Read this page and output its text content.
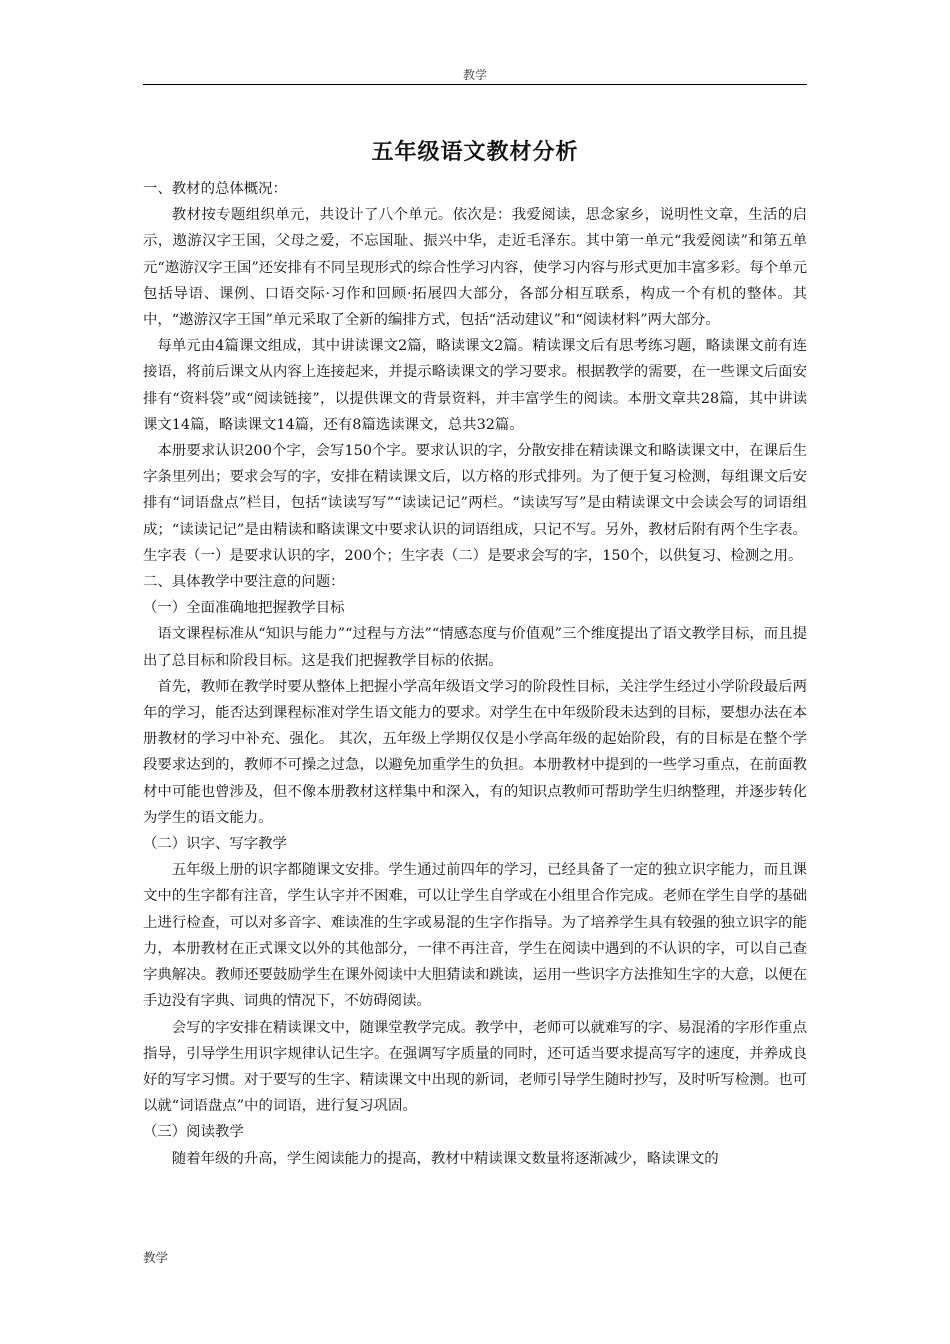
教学
五年级语文教材分析

一、教材的总体概况：

教材按专题组织单元，共设计了八个单元。依次是：我爱阅读，思念家乡，说明性文章，生活的启示，遨游汉字王国，父母之爱，不忘国耻、振兴中华，走近毛泽东。其中第一单元“我爱阅读”和第五单元“遨游汉字王国”还安排有不同呈现形式的综合性学习内容，使学习内容与形式更加丰富多彩。每个单元包括导语、课例、口语交际·习作和回顾·拓展四大部分，各部分相互联系，构成一个有机的整体。其中，“遨游汉字王国”单元采取了全新的编排方式，包括“活动建议”和“阅读材料”两大部分。

每单元由4篇课文组成，其中讲读课文2篇，略读课文2篇。精读课文后有思考练习题，略读课文前有连接语，将前后课文从内容上连接起来，并提示略读课文的学习要求。根据教学的需要，在一些课文后面安排有“资料袋”或“阅读链接”，以提供课文的背景资料，并丰富学生的阅读。本册文章共28篇，其中讲读课文14篇，略读课文14篇，还有8篇选读课文，总共32篇。

本册要求认识200个字，会写150个字。要求认识的字，分散安排在精读课文和略读课文中，在课后生字条里列出；要求会写的字，安排在精读课文后，以方格的形式排列。为了便于复习检测，每组课文后安排有“词语盘点”栏目，包括“读读写写”“读读记记”两栏。“读读写写”是由精读课文中会读会写的词语组成；“读读记记”是由精读和略读课文中要求认识的词语组成，只记不写。另外，教材后附有两个生字表。生字表（一）是要求认识的字，200个；生字表（二）是要求会写的字，150个，以供复习、检测之用。

二、具体教学中要注意的问题：

（一）全面准确地把握教学目标

语文课程标准从“知识与能力”“过程与方法”“情感态度与价值观”三个维度提出了语文教学目标，而且提出了总目标和阶段目标。这是我们把握教学目标的依据。

首先，教师在教学时要从整体上把握小学高年级语文学习的阶段性目标，关注学生经过小学阶段最后两年的学习，能否达到课程标准对学生语文能力的要求。对学生在中年级阶段未达到的目标，要想办法在本册教材的学习中补充、强化。 其次，五年级上学期仅仅是小学高年级的起始阶段，有的目标是在整个学段要求达到的，教师不可操之过急，以避免加重学生的负担。本册教材中提到的一些学习重点，在前面教材中可能也曾涉及，但不像本册教材这样集中和深入，有的知识点教师可帮助学生归纳整理，并逐步转化为学生的语文能力。

（二）识字、写字教学

五年级上册的识字都随课文安排。学生通过前四年的学习，已经具备了一定的独立识字能力，而且课文中的生字都有注音，学生认字并不困难，可以让学生自学或在小组里合作完成。老师在学生自学的基础上进行检查，可以对多音字、难读准的生字或易混的生字作指导。为了培养学生具有较强的独立识字的能力，本册教材在正式课文以外的其他部分，一律不再注音，学生在阅读中遇到的不认识的字，可以自己查字典解决。教师还要鼓励学生在课外阅读中大胆猜读和跳读，运用一些识字方法推知生字的大意，以便在手边没有字典、词典的情况下，不妨碍阅读。

会写的字安排在精读课文中，随课堂教学完成。教学中，老师可以就难写的字、易混淆的字形作重点指导，引导学生用识字规律认记生字。在强调写字质量的同时，还可适当要求提高写字的速度，并养成良好的写字习惯。对于要写的生字、精读课文中出现的新词，老师引导学生随时抄写，及时听写检测。也可以就“词语盘点”中的词语，进行复习巩固。

（三）阅读教学

随着年级的升高，学生阅读能力的提高，教材中精读课文数量将逐渐减少，略读课文的

教学
